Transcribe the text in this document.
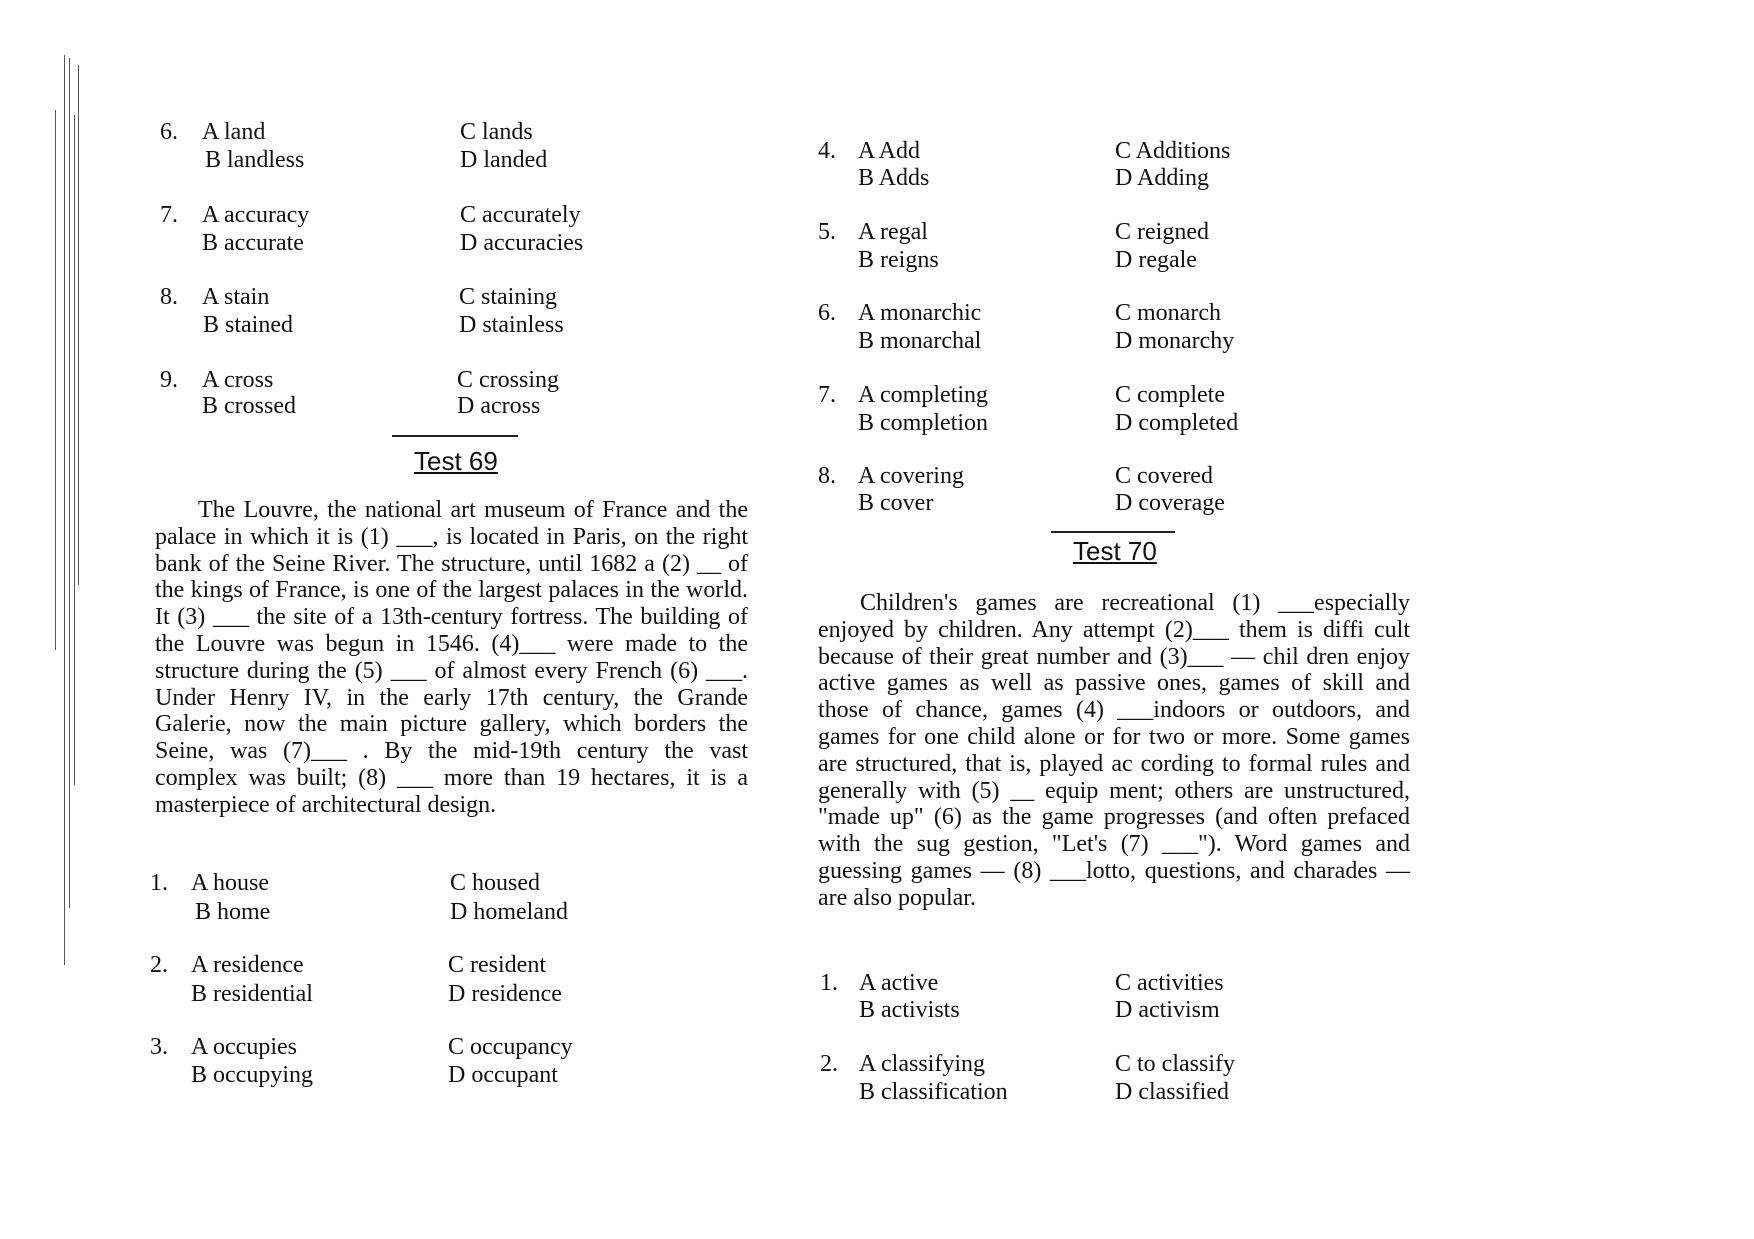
6. A land
B landless
C lands
D landed
7. A accuracy
B accurate
C accurately
D accuracies
8. A stain
B stained
C staining
D stainless
9. A cross
B crossed
C crossing
D across
Test 69

The Louvre, the national art museum of France and the palace in which it is (1) ___, is located in Paris, on the right bank of the Seine River. The structure, until 1682 a (2) __ of the kings of France, is one of the largest palaces in the world. It (3) ___ the site of a 13th-century fortress. The building of the Louvre was begun in 1546. (4)___ were made to the structure during the (5) ___ of almost every French (6) ___. Under Henry IV, in the early 17th century, the Grande Galerie, now the main picture gallery, which borders the Seine, was (7)___ . By the mid-19th century the vast complex was built; (8) ___ more than 19 hectares, it is a masterpiece of architectural design.

1. A house
B home
C housed
D homeland
2. A residence
B residential
C resident
D residence
3. A occupies
B occupying
C occupancy
D occupant
4. A Add
B Adds
C Additions
D Adding
5. A regal
B reigns
C reigned
D regale
6. A monarchic
B monarchal
C monarch
D monarchy
7. A completing
B completion
C complete
D completed
8. A covering
B cover
C covered
D coverage
Test 70

Children's games are recreational (1) ___especially enjoyed by children. Any attempt (2)___ them is diffi cult because of their great number and (3)___ — chil dren enjoy active games as well as passive ones, games of skill and those of chance, games (4) ___indoors or outdoors, and games for one child alone or for two or more. Some games are structured, that is, played ac cording to formal rules and generally with (5) __ equip ment; others are unstructured, "made up" (6) as the game progresses (and often prefaced with the sug gestion, "Let's (7) ___"). Word games and guessing games — (8) ___lotto, questions, and charades — are also popular.

1. A active
B activists
C activities
D activism
2. A classifying
B classification
C to classify
D classified
